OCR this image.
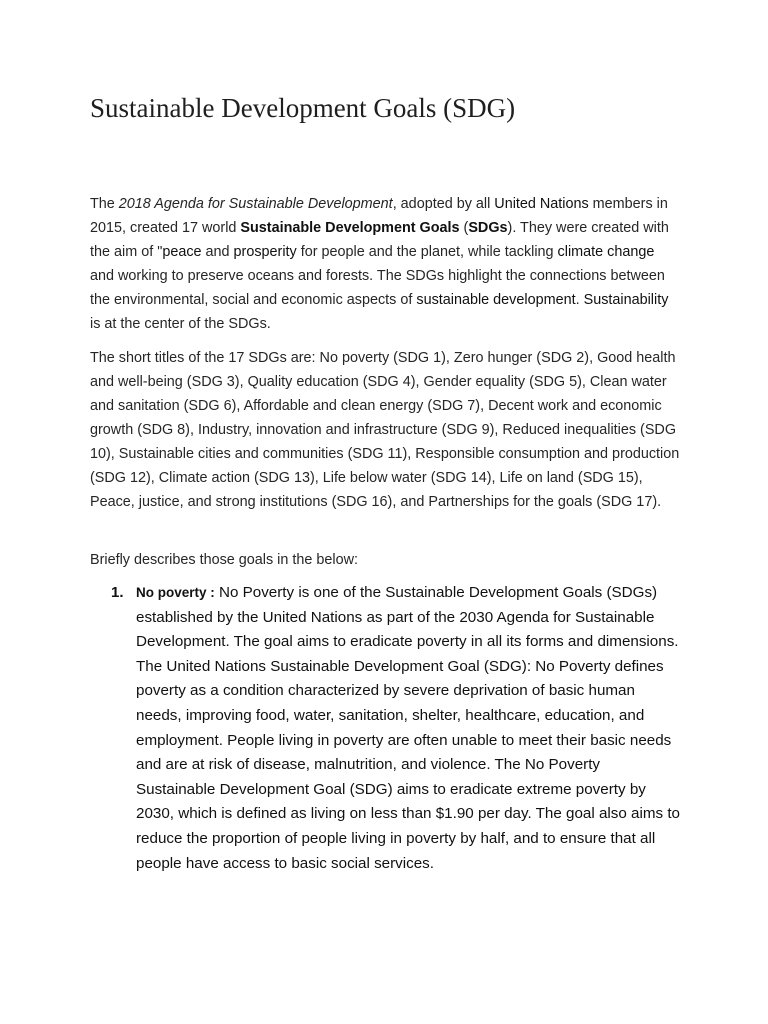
Sustainable Development Goals (SDG)

The 2018 Agenda for Sustainable Development, adopted by all United Nations members in 2015, created 17 world Sustainable Development Goals (SDGs). They were created with the aim of "peace and prosperity for people and the planet, while tackling climate change and working to preserve oceans and forests. The SDGs highlight the connections between the environmental, social and economic aspects of sustainable development. Sustainability is at the center of the SDGs.

The short titles of the 17 SDGs are: No poverty (SDG 1), Zero hunger (SDG 2), Good health and well-being (SDG 3), Quality education (SDG 4), Gender equality (SDG 5), Clean water and sanitation (SDG 6), Affordable and clean energy (SDG 7), Decent work and economic growth (SDG 8), Industry, innovation and infrastructure (SDG 9), Reduced inequalities (SDG 10), Sustainable cities and communities (SDG 11), Responsible consumption and production (SDG 12), Climate action (SDG 13), Life below water (SDG 14), Life on land (SDG 15), Peace, justice, and strong institutions (SDG 16), and Partnerships for the goals (SDG 17).

Briefly describes those goals in the below:

1. No poverty : No Poverty is one of the Sustainable Development Goals (SDGs) established by the United Nations as part of the 2030 Agenda for Sustainable Development. The goal aims to eradicate poverty in all its forms and dimensions. The United Nations Sustainable Development Goal (SDG): No Poverty defines poverty as a condition characterized by severe deprivation of basic human needs, improving food, water, sanitation, shelter, healthcare, education, and employment. People living in poverty are often unable to meet their basic needs and are at risk of disease, malnutrition, and violence. The No Poverty Sustainable Development Goal (SDG) aims to eradicate extreme poverty by 2030, which is defined as living on less than $1.90 per day. The goal also aims to reduce the proportion of people living in poverty by half, and to ensure that all people have access to basic social services.
